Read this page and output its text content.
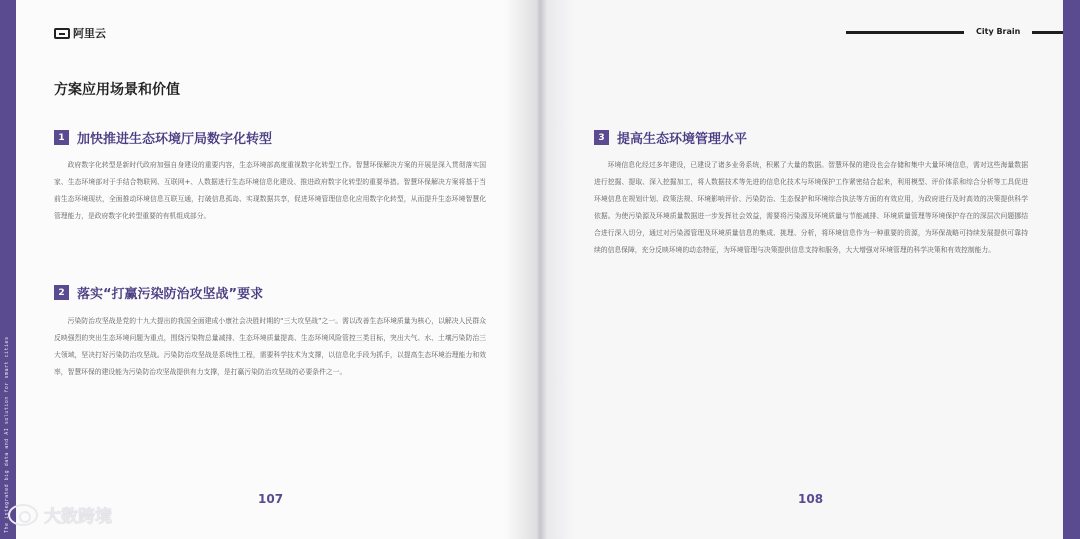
The integrated big data and AI solution for smart cities
阿里云
方案应用场景和价值
1 加快推进生态环境厅局数字化转型
政府数字化转型是新时代政府加强自身建设的重要内容，生态环境部高度重视数字化转型工作。智慧环保解决方案的开展是深入贯彻落实国家、生态环境部对于手结合物联网、互联网+、人数据进行生态环境信息化建设、推进政府数字化转型的重要举措。智慧环保解决方案将基于当前生态环境现状，全面推动环境信息互联互通，打破信息孤岛、实现数据共享，促进环境管理信息化应用数字化转型，从而提升生态环境智慧化管理能力，是政府数字化转型重要的有机组成部分。
2 落实“打赢污染防治攻坚战”要求
污染防治攻坚战是党的十九大提出的我国全面建成小康社会决胜时期的“三大攻坚战”之一。需以改善生态环境质量为核心，以解决人民群众反映强烈的突出生态环境问题为重点，围绕污染物总量减排、生态环境质量提高、生态环境风险管控三类目标，突出大气、水、土壤污染防治三大领域，坚决打好污染防治攻坚战。污染防治攻坚战是系统性工程，需要科学技术为支撑，以信息化手段为抓手，以提高生态环境治理能力和效率，智慧环保的建设能为污染防治攻坚战提供有力支撑，是打赢污染防治攻坚战的必要条件之一。
107
City Brain
3 提高生态环境管理水平
环境信息化经过多年建设，已建设了诸多业务系统，积累了大量的数据。智慧环保的建设也会存储和集中大量环境信息，需对这些海量数据进行挖掘、提取、深入挖掘加工，将人数据技术等先进的信息化技术与环境保护工作紧密结合起来，利用模型、评价体系和综合分析等工具促进环境信息在规划计划、政策法规、环境影响评价、污染防治、生态保护和环境综合执法等方面的有效应用，为政府进行及时高效的决策提供科学依据。为使污染源及环境质量数据进一步发挥社会效益，需要将污染源及环境质量与节能减排、环境质量管理等环境保护存在的深层次问题挪结合进行深入切分，通过对污染源管理及环境质量信息的集成、挑理、分析，将环境信息作为一种重要的资源，为环保战略可持续发展提供可靠持续的信息保障，充分反映环境的动态特征，为环境管理与决策提供信息支持和服务，大大增强对环境管理的科学决策和有效控制能力。
108
大数跨境
